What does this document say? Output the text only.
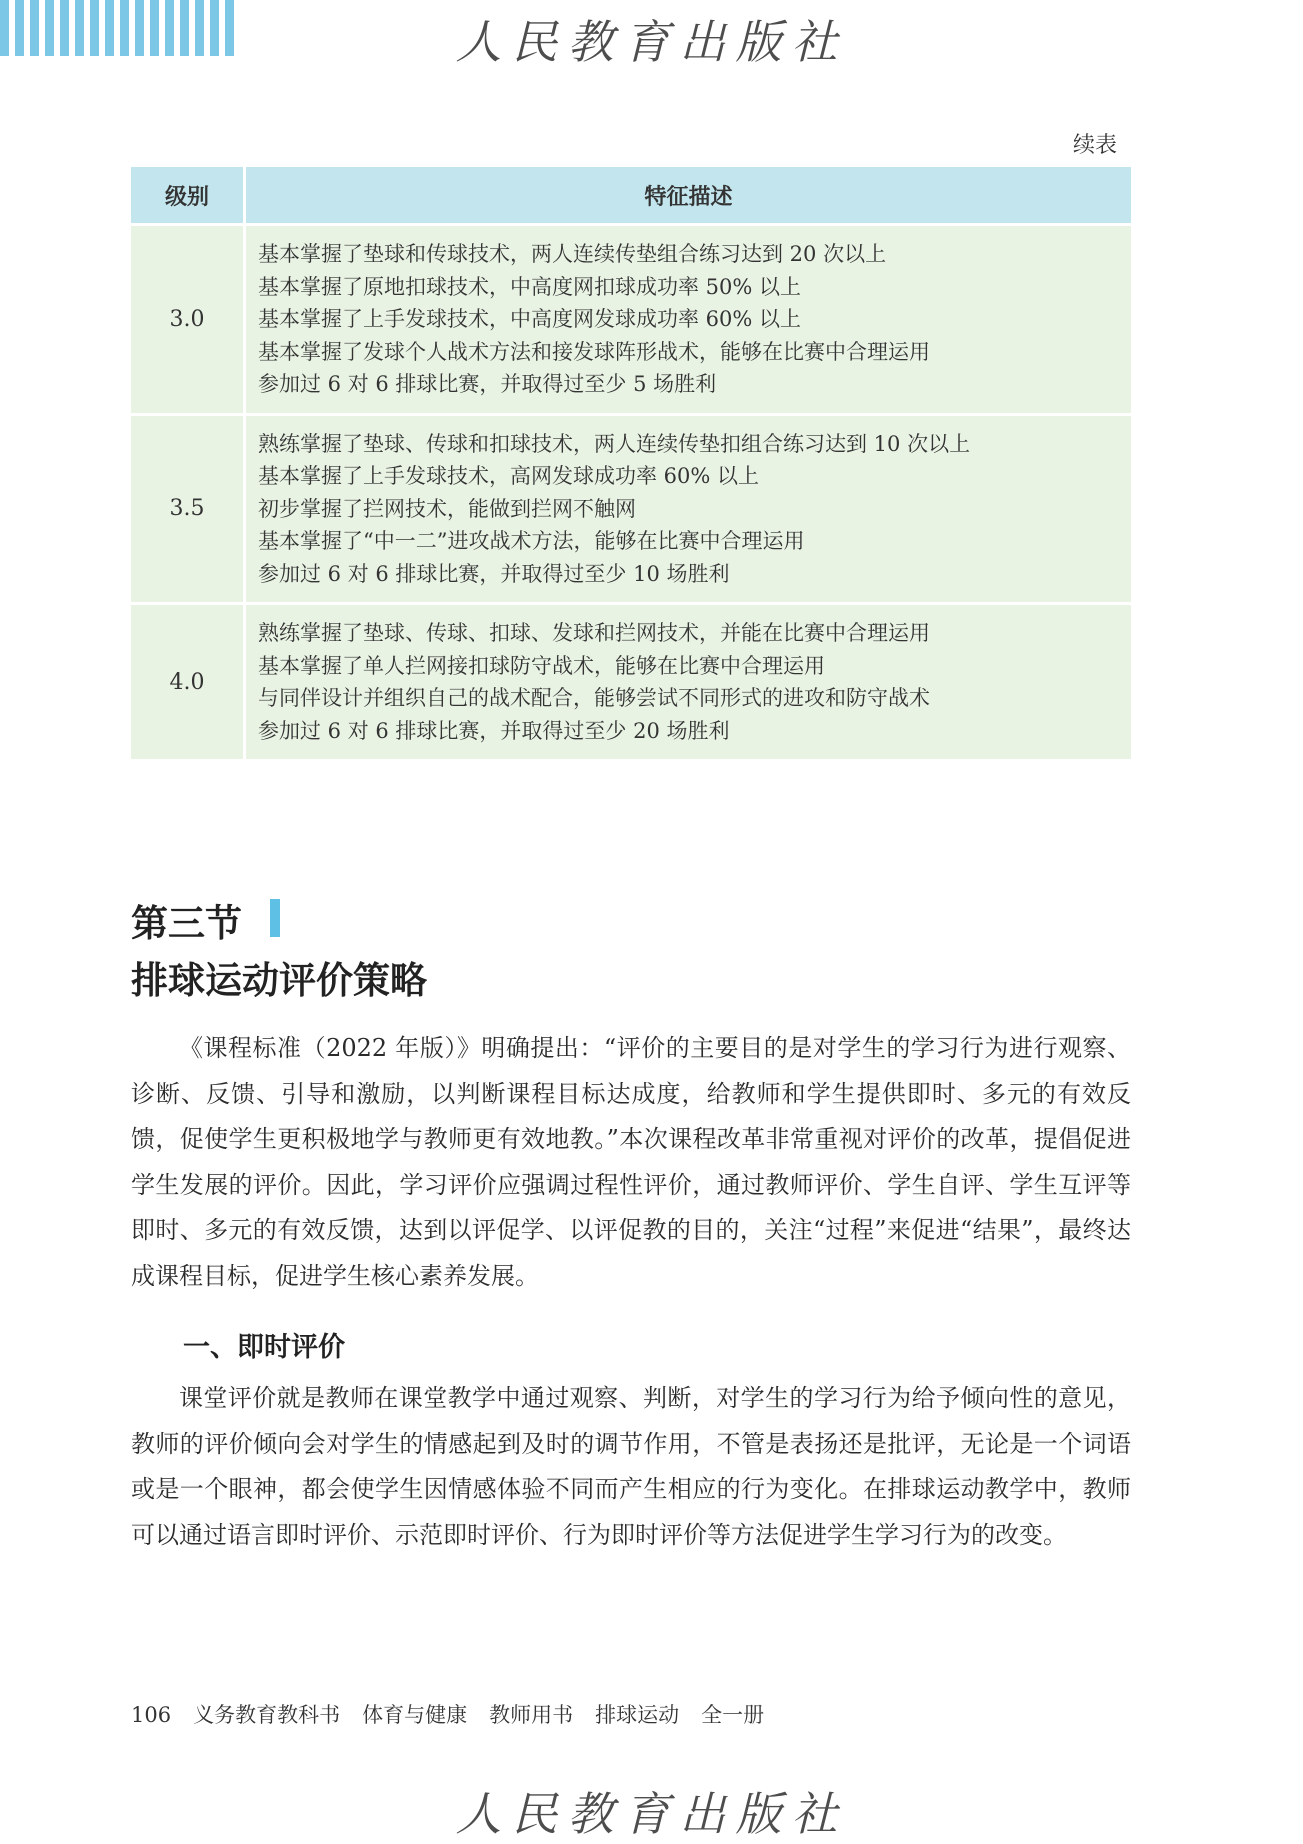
人民教育出版社
续表
级别	特征描述
3.0	基本掌握了垫球和传球技术，两人连续传垫组合练习达到 20 次以上
基本掌握了原地扣球技术，中高度网扣球成功率 50% 以上
基本掌握了上手发球技术，中高度网发球成功率 60% 以上
基本掌握了发球个人战术方法和接发球阵形战术，能够在比赛中合理运用
参加过 6 对 6 排球比赛，并取得过至少 5 场胜利

3.5	熟练掌握了垫球、传球和扣球技术，两人连续传垫扣组合练习达到 10 次以上
基本掌握了上手发球技术，高网发球成功率 60% 以上
初步掌握了拦网技术，能做到拦网不触网
基本掌握了“中一二”进攻战术方法，能够在比赛中合理运用
参加过 6 对 6 排球比赛，并取得过至少 10 场胜利

4.0	熟练掌握了垫球、传球、扣球、发球和拦网技术，并能在比赛中合理运用
基本掌握了单人拦网接扣球防守战术，能够在比赛中合理运用
与同伴设计并组织自己的战术配合，能够尝试不同形式的进攻和防守战术
参加过 6 对 6 排球比赛，并取得过至少 20 场胜利
第三节
排球运动评价策略
《课程标准（2022 年版）》明确提出：“评价的主要目的是对学生的学习行为进行观察、诊断、反馈、引导和激励，以判断课程目标达成度，给教师和学生提供即时、多元的有效反馈，促使学生更积极地学与教师更有效地教。”本次课程改革非常重视对评价的改革，提倡促进学生发展的评价。因此，学习评价应强调过程性评价，通过教师评价、学生自评、学生互评等即时、多元的有效反馈，达到以评促学、以评促教的目的，关注“过程”来促进“结果”，最终达成课程目标，促进学生核心素养发展。
一、即时评价
课堂评价就是教师在课堂教学中通过观察、判断，对学生的学习行为给予倾向性的意见，教师的评价倾向会对学生的情感起到及时的调节作用，不管是表扬还是批评，无论是一个词语或是一个眼神，都会使学生因情感体验不同而产生相应的行为变化。在排球运动教学中，教师可以通过语言即时评价、示范即时评价、行为即时评价等方法促进学生学习行为的改变。
106 义务教育教科书 体育与健康 教师用书 排球运动 全一册
人民教育出版社
